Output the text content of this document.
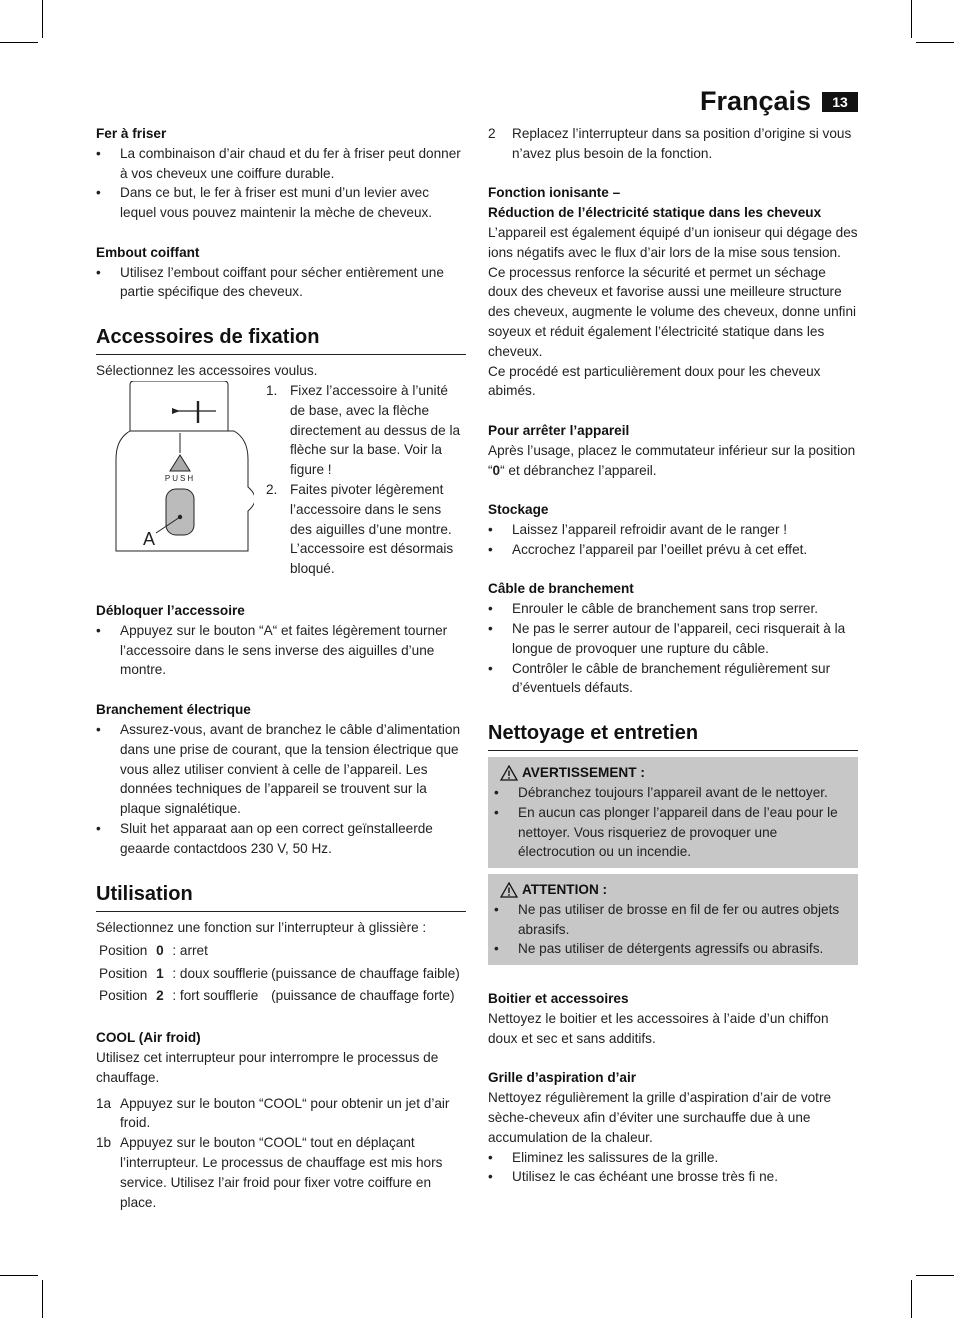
Français	13
Fer à friser
• La combinaison d’air chaud et du fer à friser peut donner à vos cheveux une coiffure durable.
• Dans ce but, le fer à friser est muni d’un levier avec lequel vous pouvez maintenir la mèche de cheveux.
Embout coiffant
• Utilisez l’embout coiffant pour sécher entièrement une partie spécifique des cheveux.
Accessoires de fixation
Sélectionnez les accessoires voulus.
PUSH
A
1. Fixez l’accessoire à l’unité de base, avec la flèche directement au dessus de la flèche sur la base. Voir la figure !
2. Faites pivoter légèrement l’accessoire dans le sens des aiguilles d’une montre. L’accessoire est désormais bloqué.
Débloquer l’accessoire
• Appuyez sur le bouton “A“ et faites légèrement tourner l’accessoire dans le sens inverse des aiguilles d’une montre.
Branchement électrique
• Assurez-vous, avant de branchez le câble d’alimentation dans une prise de courant, que la tension électrique que vous allez utiliser convient à celle de l’appareil. Les données techniques de l’appareil se trouvent sur la plaque signalétique.
• Sluit het apparaat aan op een correct geïnstalleerde geaarde contactdoos 230 V, 50 Hz.
Utilisation
Sélectionnez une fonction sur l’interrupteur à glissière :
Position	0	: arret	
Position	1	: doux soufflerie	(puissance de chauffage faible)
Position	2	: fort soufflerie	(puissance de chauffage forte)
COOL (Air froid)
Utilisez cet interrupteur pour interrompre le processus de chauffage.
1a Appuyez sur le bouton “COOL“ pour obtenir un jet d’air froid.
1b Appuyez sur le bouton “COOL“ tout en déplaçant l’interrupteur. Le processus de chauffage est mis hors service. Utilisez l’air froid pour fixer votre coiffure en place.
2	Replacez l’interrupteur dans sa position d’origine si vous n’avez plus besoin de la fonction.
Fonction ionisante –
Réduction de l’électricité statique dans les cheveux
L’appareil est également équipé d’un ioniseur qui dégage des ions négatifs avec le flux d’air lors de la mise sous tension. Ce processus renforce la sécurité et permet un séchage doux des cheveux et favorise aussi une meilleure structure des cheveux, augmente le volume des cheveux, donne unfini soyeux et réduit également l’électricité statique dans les cheveux.
Ce procédé est particulièrement doux pour les cheveux abimés.
Pour arrêter l’appareil
Après l’usage, placez le commutateur inférieur sur la position “0“ et débranchez l’appareil.
Stockage
• Laissez l’appareil refroidir avant de le ranger !
• Accrochez l’appareil par l’oeillet prévu à cet effet.
Câble de branchement
• Enrouler le câble de branchement sans trop serrer.
• Ne pas le serrer autour de l’appareil, ceci risquerait à la longue de provoquer une rupture du câble.
• Contrôler le câble de branchement régulièrement sur d’éventuels défauts.
Nettoyage et entretien
AVERTISSEMENT :
• Débranchez toujours l’appareil avant de le nettoyer.
• En aucun cas plonger l’appareil dans de l’eau pour le nettoyer. Vous risqueriez de provoquer une électrocution ou un incendie.
ATTENTION :
• Ne pas utiliser de brosse en fil de fer ou autres objets abrasifs.
• Ne pas utiliser de détergents agressifs ou abrasifs.
Boitier et accessoires
Nettoyez le boitier et les accessoires à l’aide d’un chiffon doux et sec et sans additifs.
Grille d’aspiration d’air
Nettoyez régulièrement la grille d’aspiration d’air de votre sèche-cheveux afin d’éviter une surchauffe due à une accumulation de la chaleur.
• Eliminez les salissures de la grille.
• Utilisez le cas échéant une brosse très fi ne.
